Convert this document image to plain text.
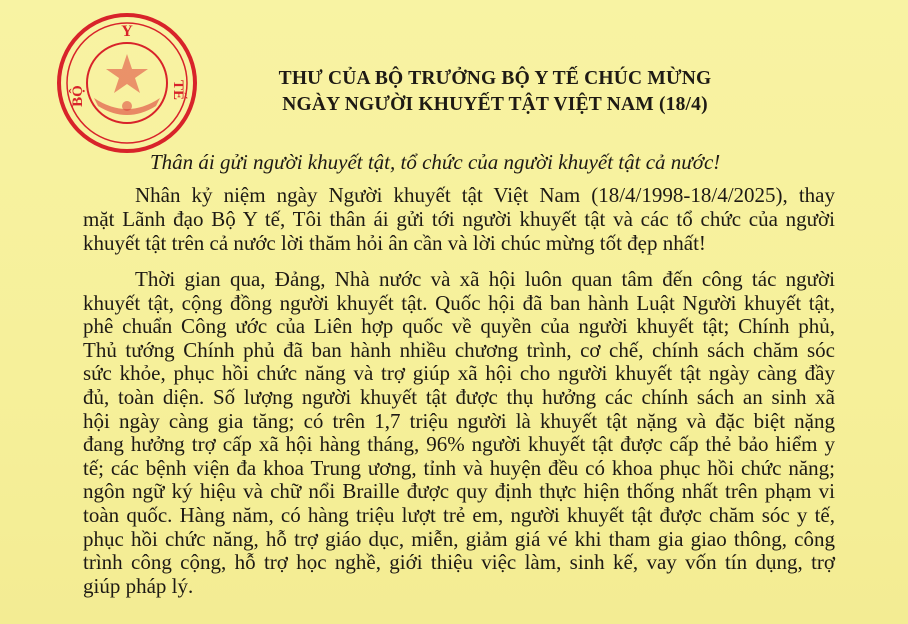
Y
BỘ	TẾ
THƯ CỦA BỘ TRƯỞNG BỘ Y TẾ CHÚC MỪNG
NGÀY NGƯỜI KHUYẾT TẬT VIỆT NAM (18/4)
Thân ái gửi người khuyết tật, tổ chức của người khuyết tật cả nước!
Nhân kỷ niệm ngày Người khuyết tật Việt Nam (18/4/1998-18/4/2025), thay
mặt Lãnh đạo Bộ Y tế, Tôi thân ái gửi tới người khuyết tật và các tổ chức của người
khuyết tật trên cả nước lời thăm hỏi ân cần và lời chúc mừng tốt đẹp nhất!
Thời gian qua, Đảng, Nhà nước và xã hội luôn quan tâm đến công tác người
khuyết tật, cộng đồng người khuyết tật. Quốc hội đã ban hành Luật Người khuyết tật,
phê chuẩn Công ước của Liên hợp quốc về quyền của người khuyết tật; Chính phủ,
Thủ tướng Chính phủ đã ban hành nhiều chương trình, cơ chế, chính sách chăm sóc
sức khỏe, phục hồi chức năng và trợ giúp xã hội cho người khuyết tật ngày càng đầy
đủ, toàn diện. Số lượng người khuyết tật được thụ hưởng các chính sách an sinh xã
hội ngày càng gia tăng; có trên 1,7 triệu người là khuyết tật nặng và đặc biệt nặng
đang hưởng trợ cấp xã hội hàng tháng, 96% người khuyết tật được cấp thẻ bảo hiểm y
tế; các bệnh viện đa khoa Trung ương, tỉnh và huyện đều có khoa phục hồi chức năng;
ngôn ngữ ký hiệu và chữ nổi Braille được quy định thực hiện thống nhất trên phạm vi
toàn quốc. Hàng năm, có hàng triệu lượt trẻ em, người khuyết tật được chăm sóc y tế,
phục hồi chức năng, hỗ trợ giáo dục, miễn, giảm giá vé khi tham gia giao thông, công
trình công cộng, hỗ trợ học nghề, giới thiệu việc làm, sinh kế, vay vốn tín dụng, trợ
giúp pháp lý.
